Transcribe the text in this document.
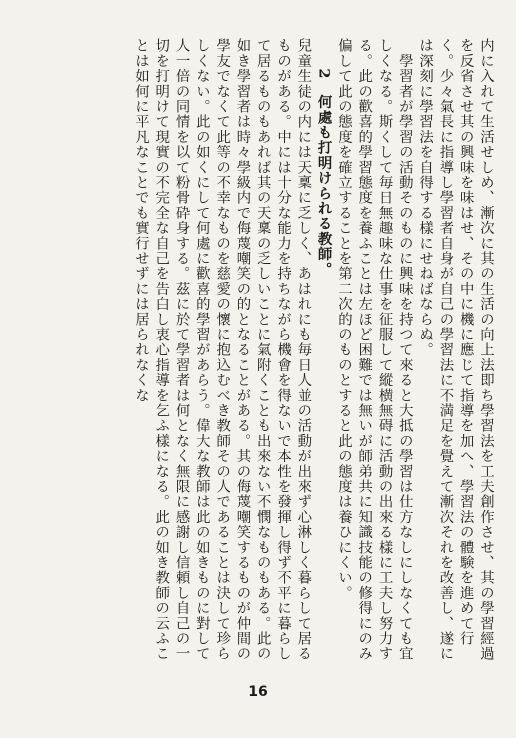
内に入れて生活せしめ、漸次に其の生活の向上法即ち學習法を工夫創作させ、其の學習經過を反省させ其の興味を味はせ、その中に機に應じて指導を加へ、學習法の體験を進めて行く。少々氣長に指導し學習者自身が自己の學習法に不満足を覺えて漸次それを改善し、遂には深刻に學習法を自得する樣にせねばならぬ。

　學習者が學習の活動そのものに興味を持つて來ると大抵の學習は仕方なしにしなくても宜しくなる。斯くして毎日無趣味な仕事を征服して縱横無碍に活動の出來る樣に工夫し努力する。此の歡喜的學習態度を養ふことは左ほど困難では無いが師弟共に知識技能の修得にのみ偏して此の態度を確立することを第二次的のものとすると此の態度は養ひにくい。

　　2　何處も打明けられる教師。

兒童生徒の内には天稟に乏しく、あはれにも毎日人並の活動が出來ず心淋しく暮らして居るものがある。中には十分な能力を持ちながら機會を得ないで本性を發揮し得ず不平に暮らして居るものもあれば其の天稟の乏しいことに氣附くことも出來ない不憫なものもある。此の如き學習者は時々學級内で侮蔑嘲笑の的となることがある。其の侮蔑嘲笑するものが仲間の學友でなくて此等の不幸なものを慈愛の懷に抱込むべき教師その人であることは決して珍らしくない。此の如くにして何處に歡喜的學習があらう。偉大な教師は此の如きものに對して人一倍の同情を以て粉骨砕身する。茲に於て學習者は何となく無限に感謝し信頼し自己の一切を打明けて現實の不完全な自己を告白し衷心指導を乞ふ樣になる。此の如き教師の云ふことは如何に平凡なことでも實行せずには居られなくな

16
